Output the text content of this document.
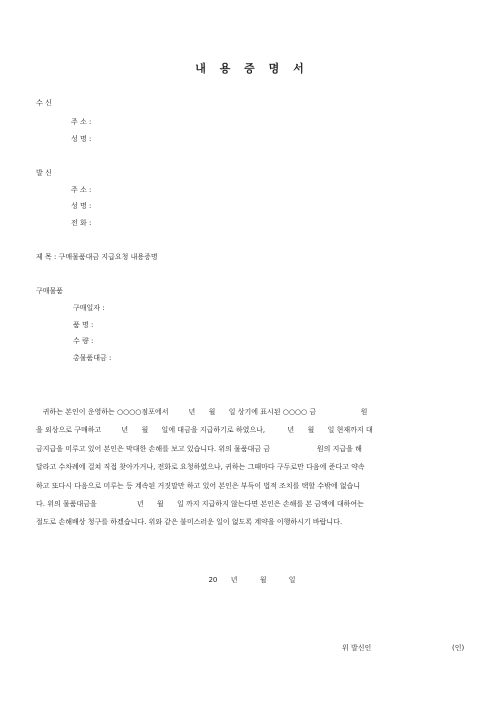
내 용 증 명 서
수 신
주 소 :
성 명 :
발 신
주 소 :
성 명 :
전 화 :
제 목 : 구매물품대금 지급요청 내용증명
구매물품
구매일자 :
품 명 :
수 량 :
총물품대금 :
귀하는 본인이 운영하는 ○○○○점포에서         년      월      일 상기에 표시된 ○○○○ 금                    원
을 외상으로 구매하고         년      월      일에 대금을 지급하기로 하였으나,          년      월      일 현재까지 대
금지급을 미루고 있어 본인은 막대한 손해를 보고 있습니다. 위의 물품대금 금                     원의 지급을 해
달라고 수차례에 걸쳐 직접 찾아가거나, 전화로 요청하였으나, 귀하는 그때마다 구두로만 다음에 준다고 약속
하고 또다시 다음으로 미루는 등 계속된 거짓말만 하고 있어 본인은 부득이 법적 조치를 택할 수밖에 없습니
다. 위의 물품대금을                  년      월      일 까지 지급하지 않는다면 본인은 손해를 본 금액에 대하여는
절도로 손해배상 청구를 하겠습니다. 위와 같은 불미스러운 일이 없도록 계약을 이행하시기 바랍니다.
20      년          월          일
위 발신인	(인)
